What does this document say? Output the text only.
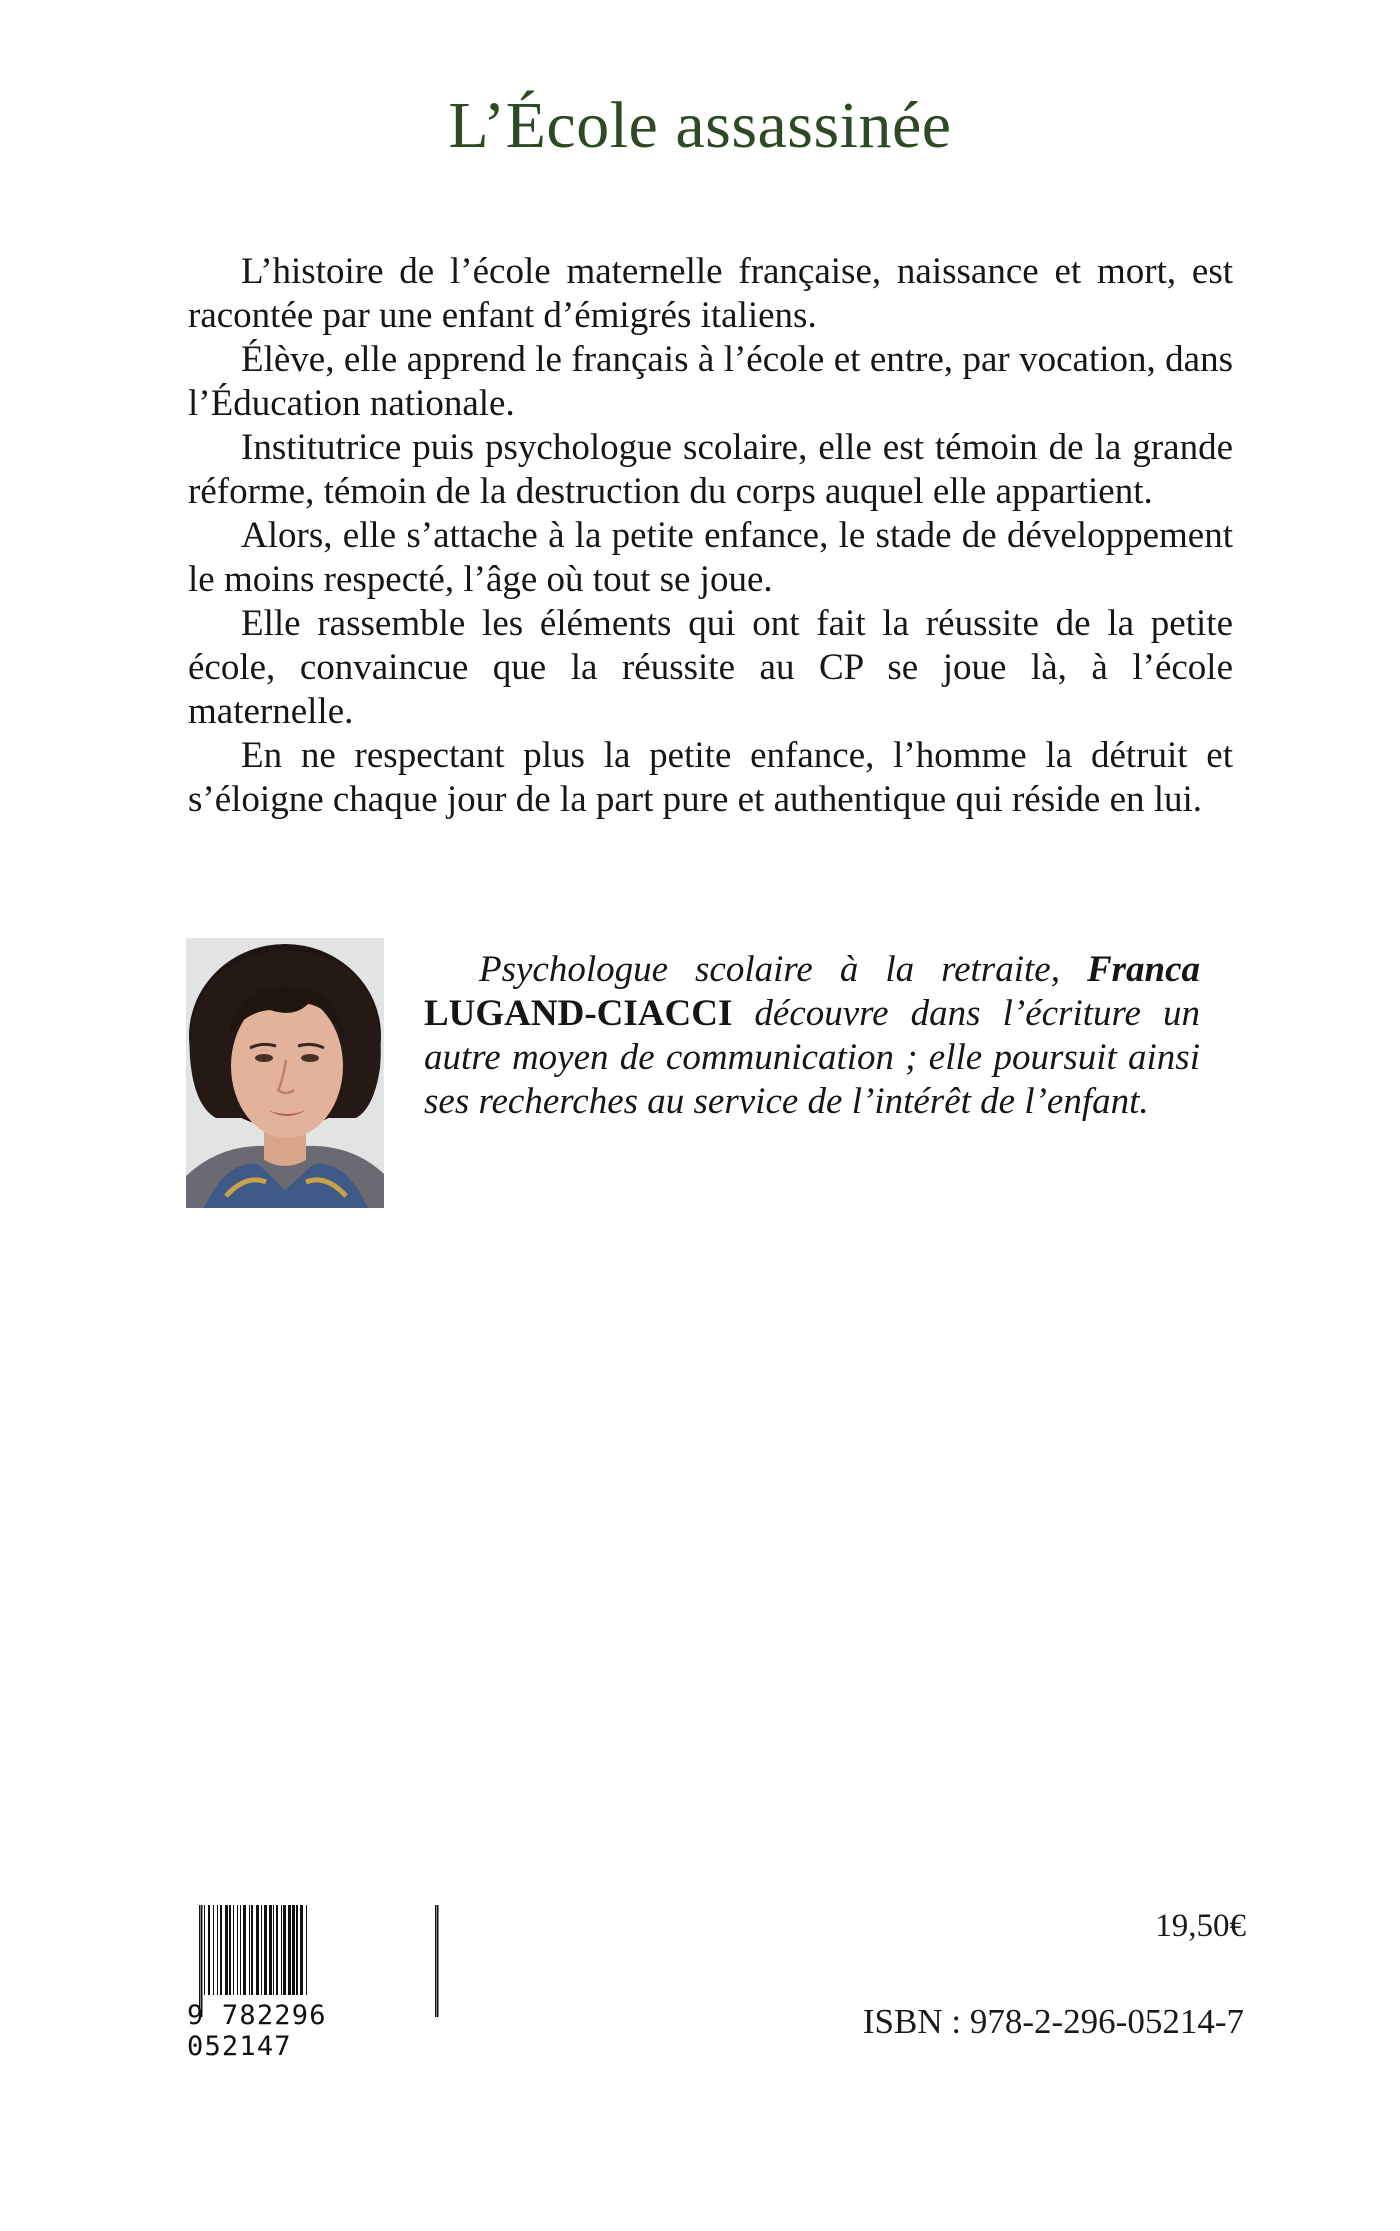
L’École assassinée

L’histoire de l’école maternelle française, naissance et mort, est racontée par une enfant d’émigrés italiens.

Élève, elle apprend le français à l’école et entre, par vocation, dans l’Éducation nationale.

Institutrice puis psychologue scolaire, elle est témoin de la grande réforme, témoin de la destruction du corps auquel elle appartient.

Alors, elle s’attache à la petite enfance, le stade de développement le moins respecté, l’âge où tout se joue.

Elle rassemble les éléments qui ont fait la réussite de la petite école, convaincue que la réussite au CP se joue là, à l’école maternelle.

En ne respectant plus la petite enfance, l’homme la détruit et s’éloigne chaque jour de la part pure et authentique qui réside en lui.

Psychologue scolaire à la retraite, Franca LUGAND-CIACCI découvre dans l’écriture un autre moyen de communication ; elle poursuit ainsi ses recherches au service de l’intérêt de l’enfant.

9 782296 052147
19,50€
ISBN : 978-2-296-05214-7
